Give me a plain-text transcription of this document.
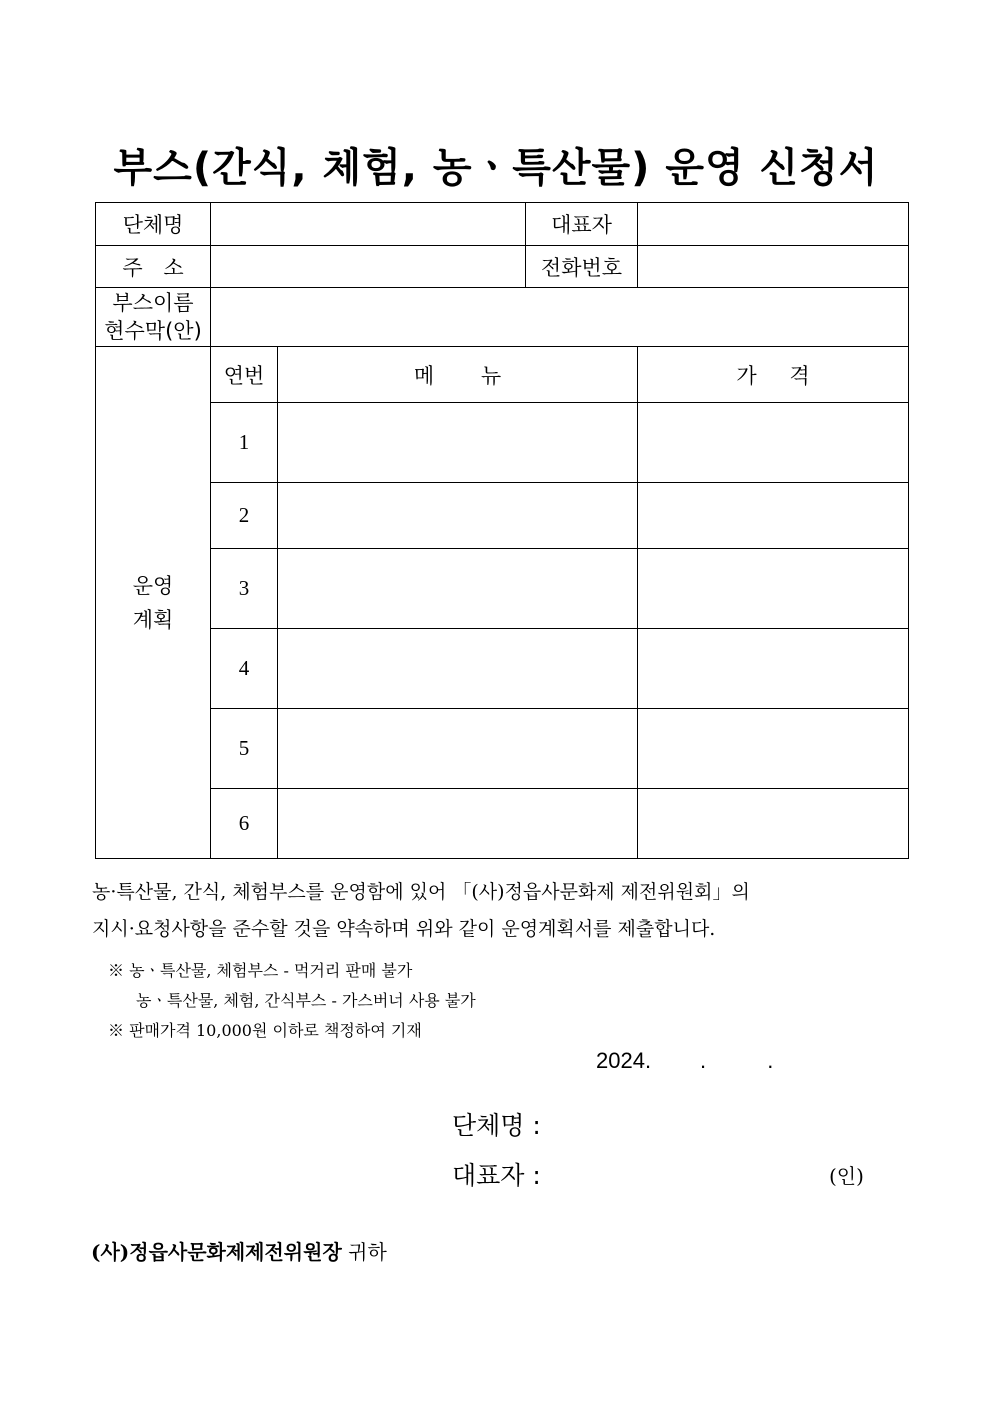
부스(간식, 체험, 농ㆍ특산물) 운영 신청서
단체명			대표자	
주 소			전화번호	

부스이름
현수막(안)				

운영
계획	연번	메 뉴		가 격
	1			
	2			
	3			
	4			
	5			
	6			

농·특산물, 간식, 체험부스를 운영함에 있어 「(사)정읍사문화제 제전위원회」의

지시·요청사항을 준수할 것을 약속하며 위와 같이 운영계획서를 제출합니다.

※ 농ㆍ특산물, 체험부스 - 먹거리 판매 불가

농ㆍ특산물, 체험, 간식부스 - 가스버너 사용 불가

※ 판매가격 10,000원 이하로 책정하여 기재

2024.        .          .
단체명 :
대표자 :	(인)
(사)정읍사문화제제전위원장 귀하
